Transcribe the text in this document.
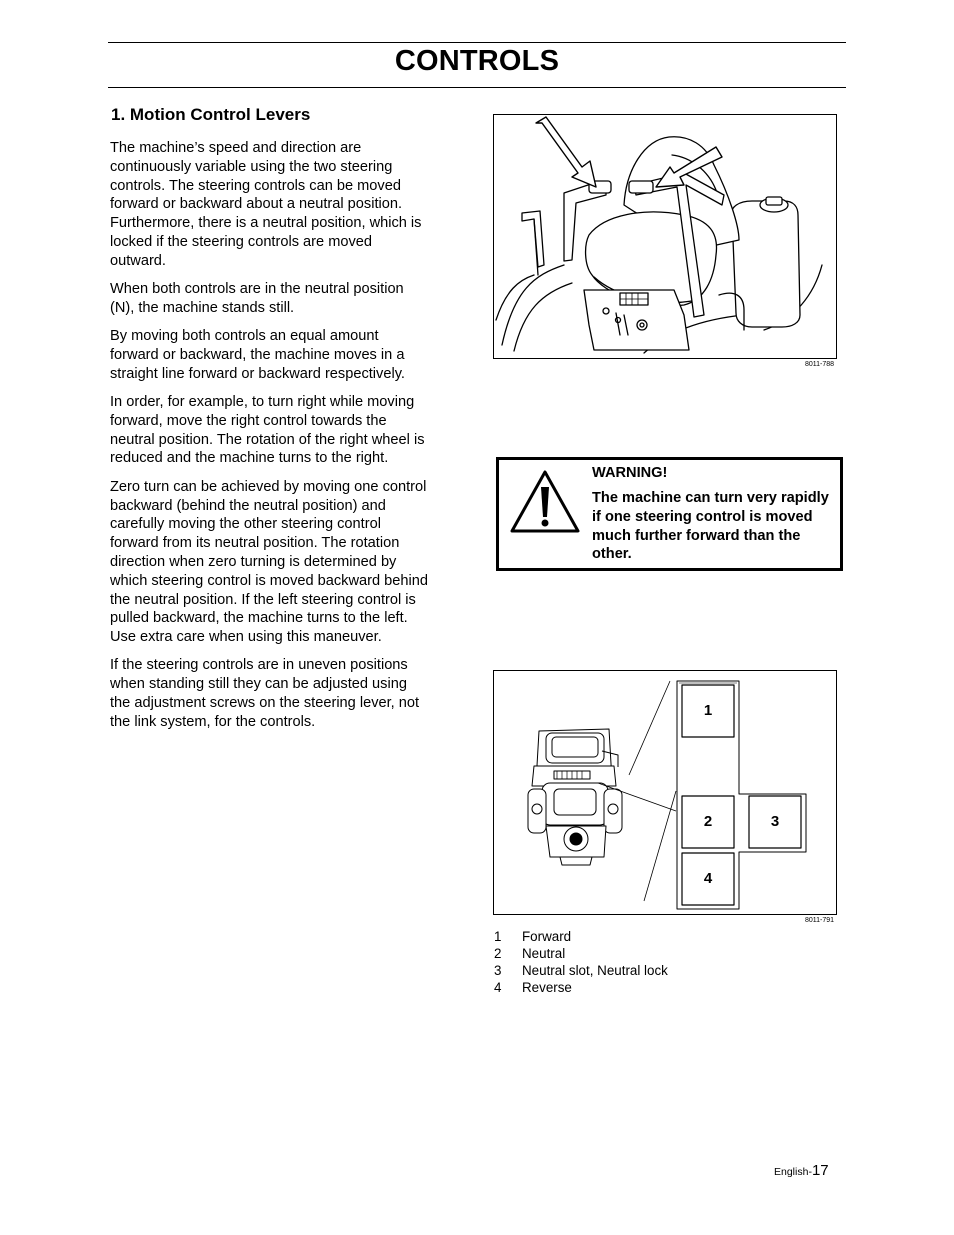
CONTROLS
1. Motion Control Levers

The machine’s speed and direction are continuously variable using the two steering controls. The steering controls can be moved forward or backward about a neutral position. Furthermore, there is a neutral position, which is locked if the steering controls are moved outward.

When both controls are in the neutral position (N), the machine stands still.

By moving both controls an equal amount forward or backward, the machine moves in a straight line forward or backward respectively.

In order, for example, to turn right while moving forward, move the right control towards the neutral position. The rotation of the right wheel is reduced and the machine turns to the right.

Zero turn can be achieved by moving one control backward (behind the neutral position) and carefully moving the other steering control forward from its neutral position. The rotation direction when zero turning is determined by which steering control is moved backward behind the neutral position. If the left steering control is pulled backward, the machine turns to the left. Use extra care when using this maneuver.

If the steering controls are in uneven positions when standing still they can be adjusted using the adjustment screws on the steering lever, not the link system, for the controls.

8011-788
WARNING!
The machine can turn very rapidly if one steering control is moved much further forward than the other.
1
2	3
4
8011-791
1 Forward
2 Neutral
3 Neutral slot, Neutral lock
4 Reverse
English-17
